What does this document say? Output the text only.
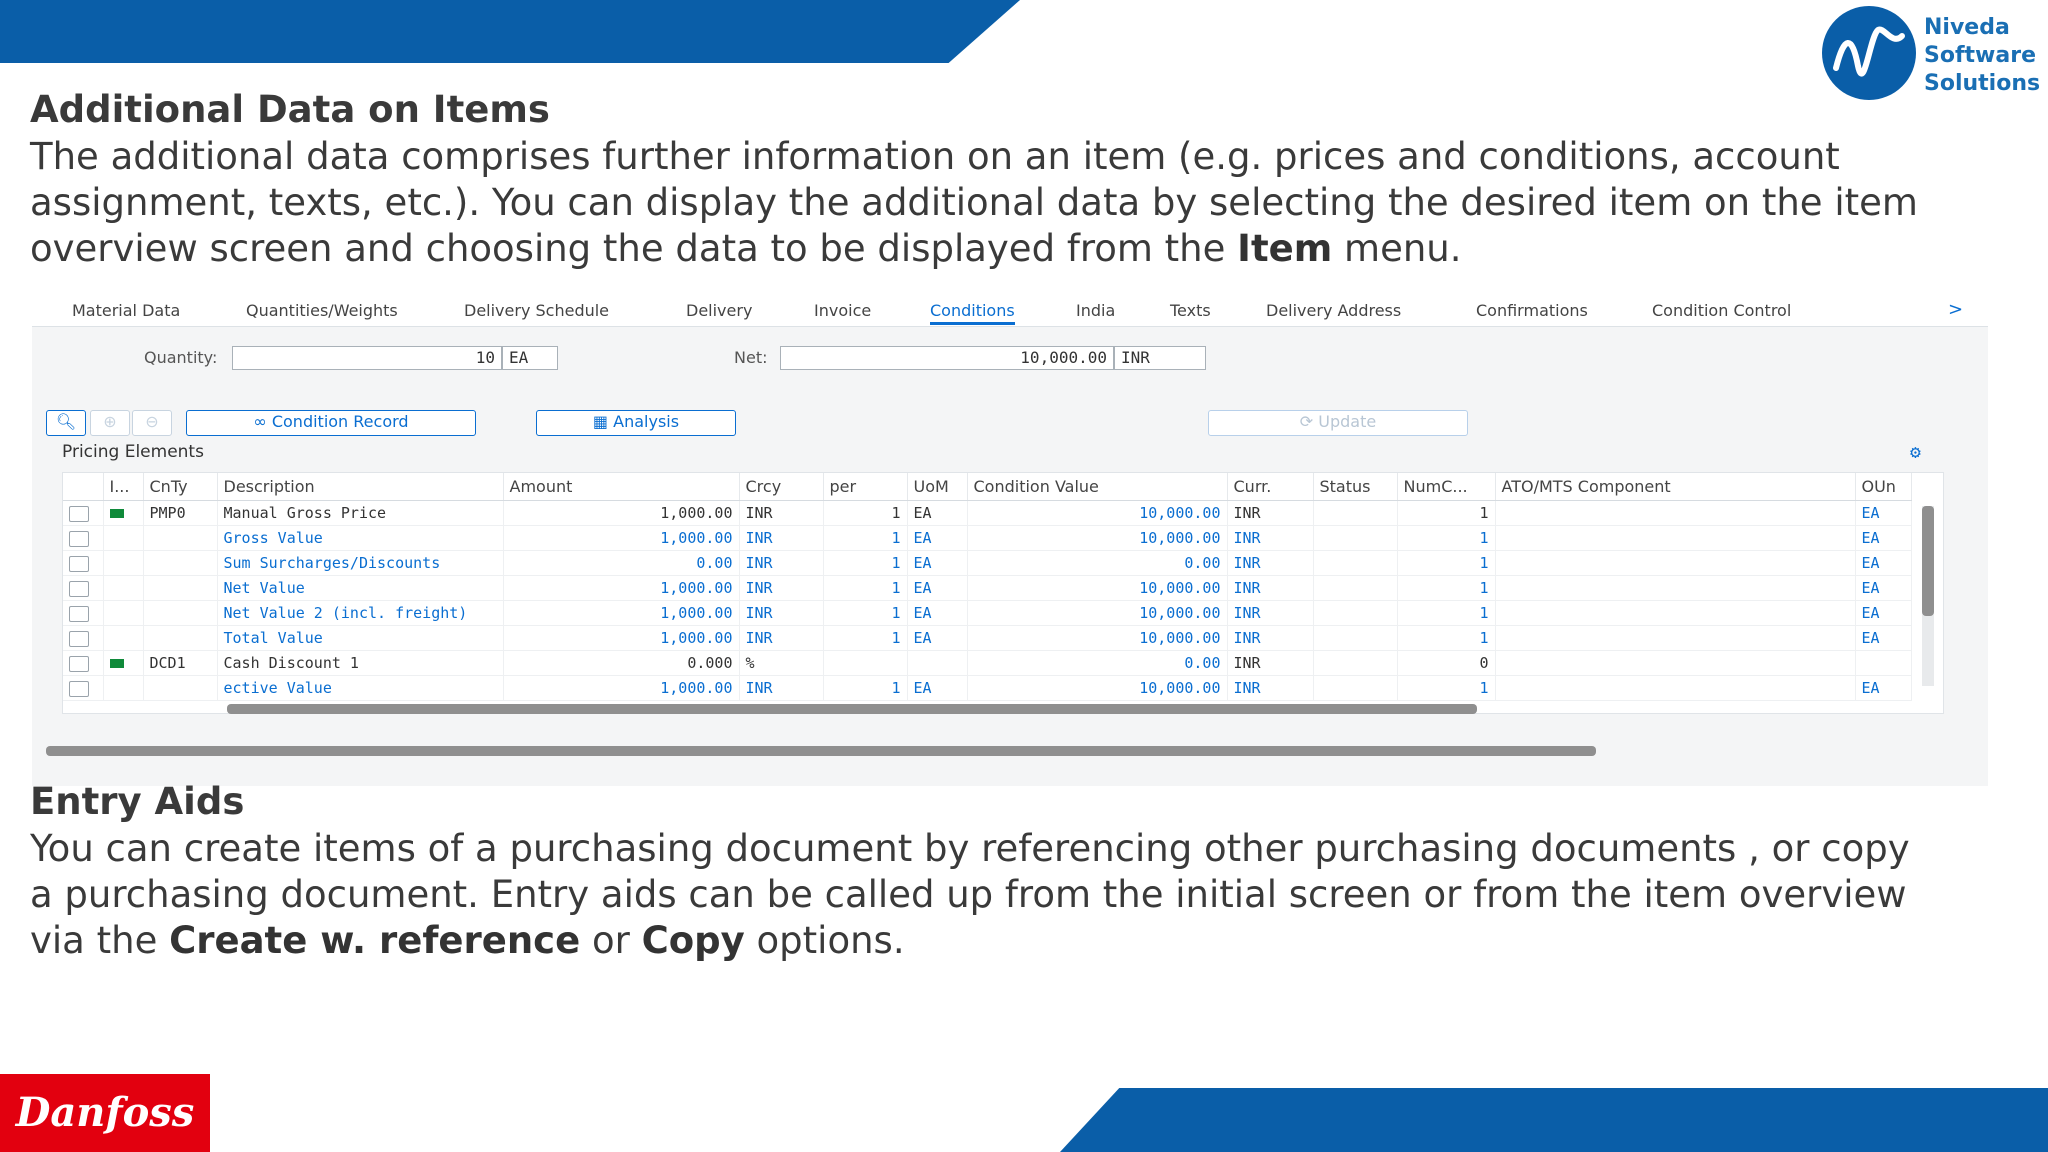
Niveda
Software
Solutions
Additional Data on Items
The additional data comprises further information on an item (e.g. prices and conditions, account assignment, texts, etc.). You can display the additional data by selecting the desired item on the item overview screen and choosing the data to be displayed from the Item menu.
Material Data	Quantities/Weights	Delivery Schedule	Delivery	Invoice	Conditions	India	Texts	Delivery Address	Confirmations	Condition Control	>
Quantity:	10 EA	Net:	10,000.00 INR
🔍︎	⊕	⊖	∞ Condition Record	▦ Analysis	⟳ Update
Pricing Elements	⚙
	I...	CnTy	Description	Amount	Crcy	per	UoM	Condition Value	Curr.	Status	NumC...	ATO/MTS Component	OUn
		PMP0	Manual Gross Price	1,000.00	INR	1	EA	10,000.00	INR		1		EA
			Gross Value	1,000.00	INR	1	EA	10,000.00	INR		1		EA
			Sum Surcharges/Discounts	0.00	INR	1	EA	0.00	INR		1		EA
			Net Value	1,000.00	INR	1	EA	10,000.00	INR		1		EA
			Net Value 2 (incl. freight)	1,000.00	INR	1	EA	10,000.00	INR		1		EA
			Total Value	1,000.00	INR	1	EA	10,000.00	INR		1		EA
		DCD1	Cash Discount 1	0.000	%			0.00	INR		0		
			ective Value	1,000.00	INR	1	EA	10,000.00	INR		1		EA
Entry Aids
You can create items of a purchasing document by referencing other purchasing documents , or copy a purchasing document. Entry aids can be called up from the initial screen or from the item overview via the Create w. reference or Copy options.
Danfoss
